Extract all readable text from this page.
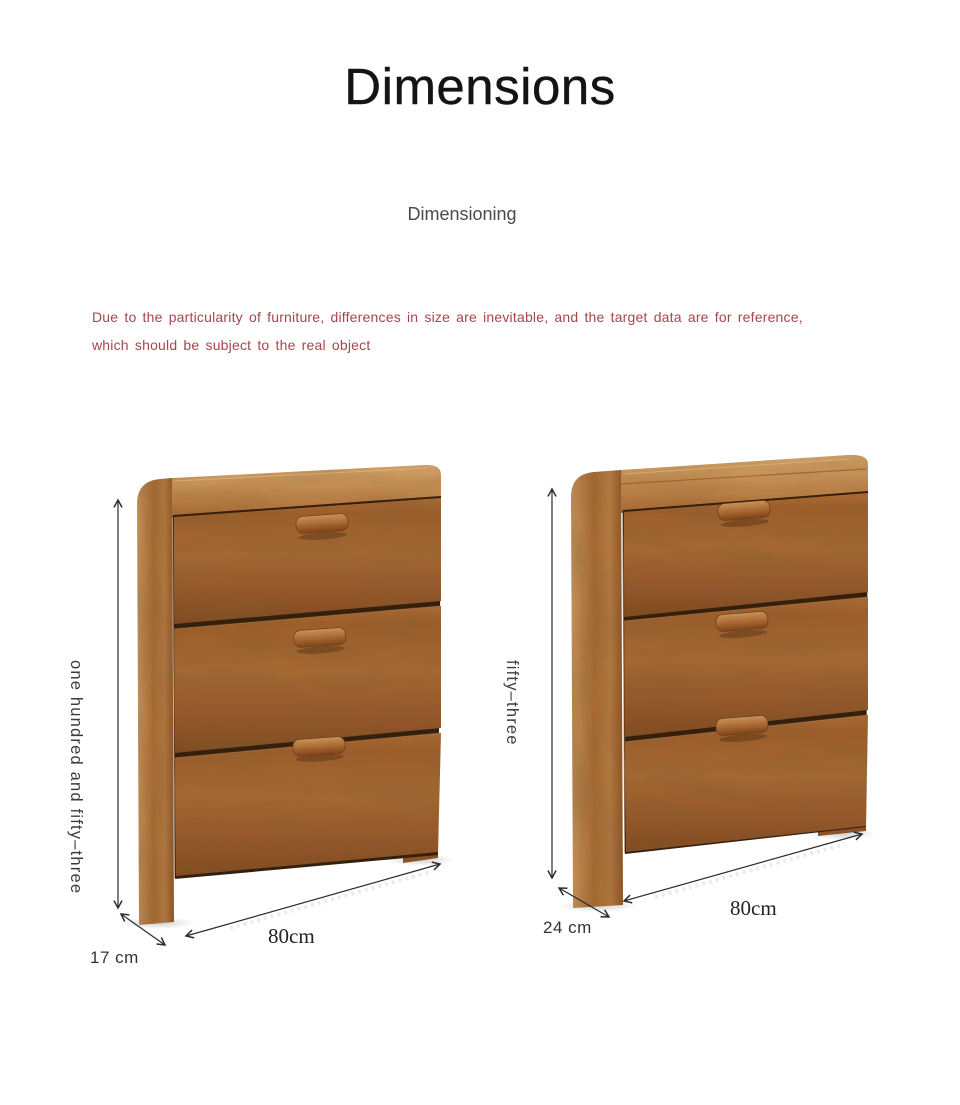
Dimensions
Dimensioning

Due to the particularity of furniture, differences in size are inevitable, and the target data are for reference,
which should be subject to the real object

one hundred and fifty–three
17 cm
80cm
fifty–three
24 cm
80cm
